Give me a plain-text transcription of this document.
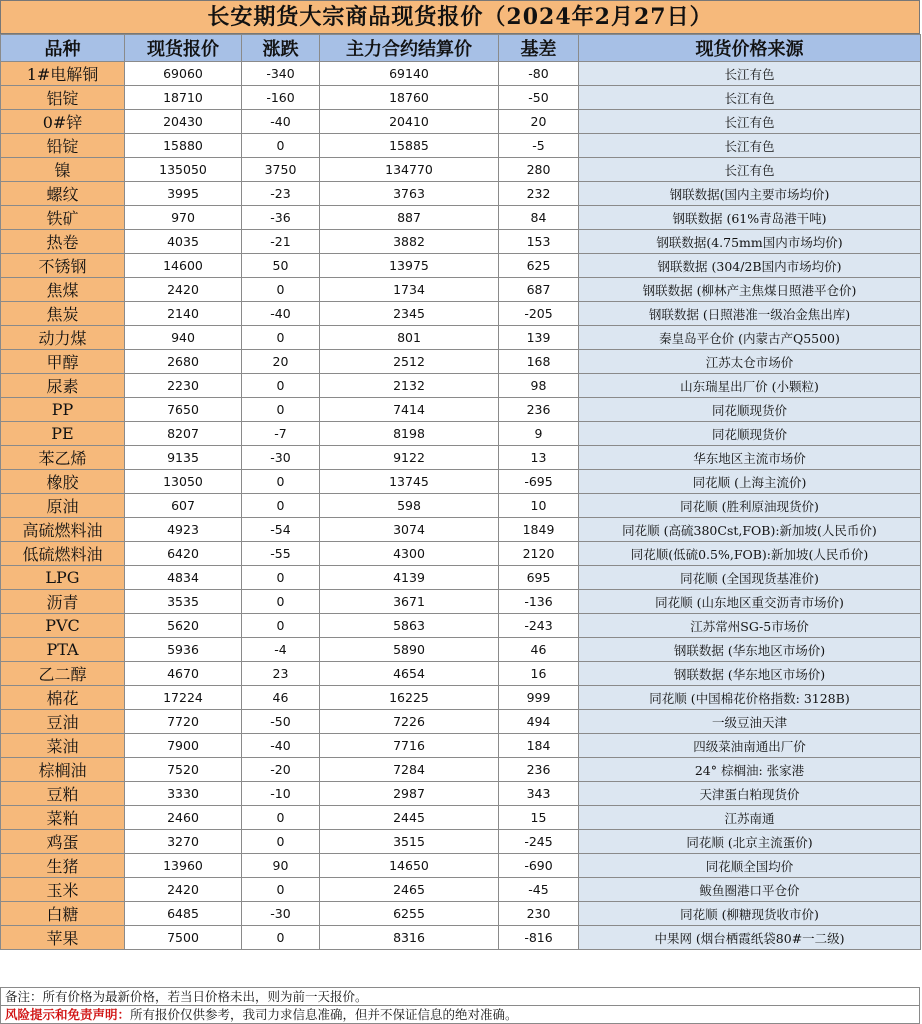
长安期货大宗商品现货报价（2024年2月27日）
品种	现货报价	涨跌	主力合约结算价	基差	现货价格来源
1#电解铜	69060	-340	69140	-80	长江有色
铝锭	18710	-160	18760	-50	长江有色
0#锌	20430	-40	20410	20	长江有色
铅锭	15880	0	15885	-5	长江有色
镍	135050	3750	134770	280	长江有色
螺纹	3995	-23	3763	232	钢联数据(国内主要市场均价)
铁矿	970	-36	887	84	钢联数据 (61%青岛港干吨)
热卷	4035	-21	3882	153	钢联数据(4.75mm国内市场均价)
不锈钢	14600	50	13975	625	钢联数据 (304/2B国内市场均价)
焦煤	2420	0	1734	687	钢联数据 (柳林产主焦煤日照港平仓价)
焦炭	2140	-40	2345	-205	钢联数据 (日照港准一级冶金焦出库)
动力煤	940	0	801	139	秦皇岛平仓价 (内蒙古产Q5500)
甲醇	2680	20	2512	168	江苏太仓市场价
尿素	2230	0	2132	98	山东瑞星出厂价 (小颗粒)
PP	7650	0	7414	236	同花顺现货价
PE	8207	-7	8198	9	同花顺现货价
苯乙烯	9135	-30	9122	13	华东地区主流市场价
橡胶	13050	0	13745	-695	同花顺 (上海主流价)
原油	607	0	598	10	同花顺 (胜利原油现货价)
高硫燃料油	4923	-54	3074	1849	同花顺 (高硫380Cst,FOB):新加坡(人民币价)
低硫燃料油	6420	-55	4300	2120	同花顺(低硫0.5%,FOB):新加坡(人民币价)
LPG	4834	0	4139	695	同花顺 (全国现货基准价)
沥青	3535	0	3671	-136	同花顺 (山东地区重交沥青市场价)
PVC	5620	0	5863	-243	江苏常州SG-5市场价
PTA	5936	-4	5890	46	钢联数据 (华东地区市场价)
乙二醇	4670	23	4654	16	钢联数据 (华东地区市场价)
棉花	17224	46	16225	999	同花顺 (中国棉花价格指数: 3128B)
豆油	7720	-50	7226	494	一级豆油天津
菜油	7900	-40	7716	184	四级菜油南通出厂价
棕榈油	7520	-20	7284	236	24° 棕榈油: 张家港
豆粕	3330	-10	2987	343	天津蛋白粕现货价
菜粕	2460	0	2445	15	江苏南通
鸡蛋	3270	0	3515	-245	同花顺 (北京主流蛋价)
生猪	13960	90	14650	-690	同花顺全国均价
玉米	2420	0	2465	-45	鲅鱼圈港口平仓价
白糖	6485	-30	6255	230	同花顺 (柳糖现货收市价)
苹果	7500	0	8316	-816	中果网 (烟台栖霞纸袋80#一二级)
备注：所有价格为最新价格，若当日价格未出，则为前一天报价。
风险提示和免责声明：所有报价仅供参考，我司力求信息准确，但并不保证信息的绝对准确。
